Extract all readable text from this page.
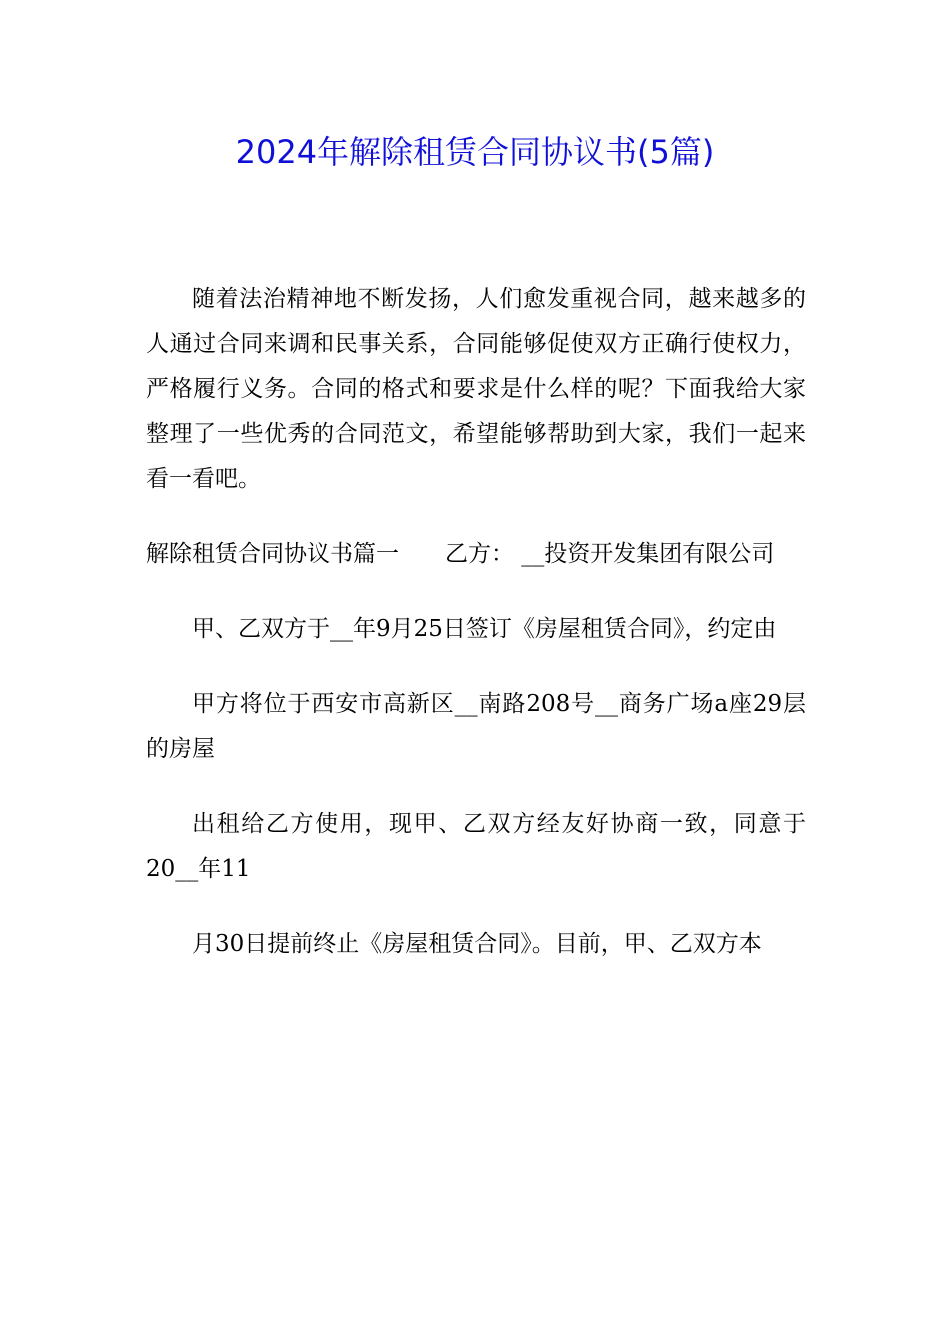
2024年解除租赁合同协议书(5篇)

随着法治精神地不断发扬，人们愈发重视合同，越来越多的人通过合同来调和民事关系，合同能够促使双方正确行使权力，严格履行义务。合同的格式和要求是什么样的呢？下面我给大家整理了一些优秀的合同范文，希望能够帮助到大家，我们一起来看一看吧。

解除租赁合同协议书篇一 乙方： __投资开发集团有限公司

甲、乙双方于__年9月25日签订《房屋租赁合同》，约定由

甲方将位于西安市高新区__南路208号__商务广场a座29层的房屋

出租给乙方使用，现甲、乙双方经友好协商一致，同意于20__年11

月30日提前终止《房屋租赁合同》。目前，甲、乙双方本
